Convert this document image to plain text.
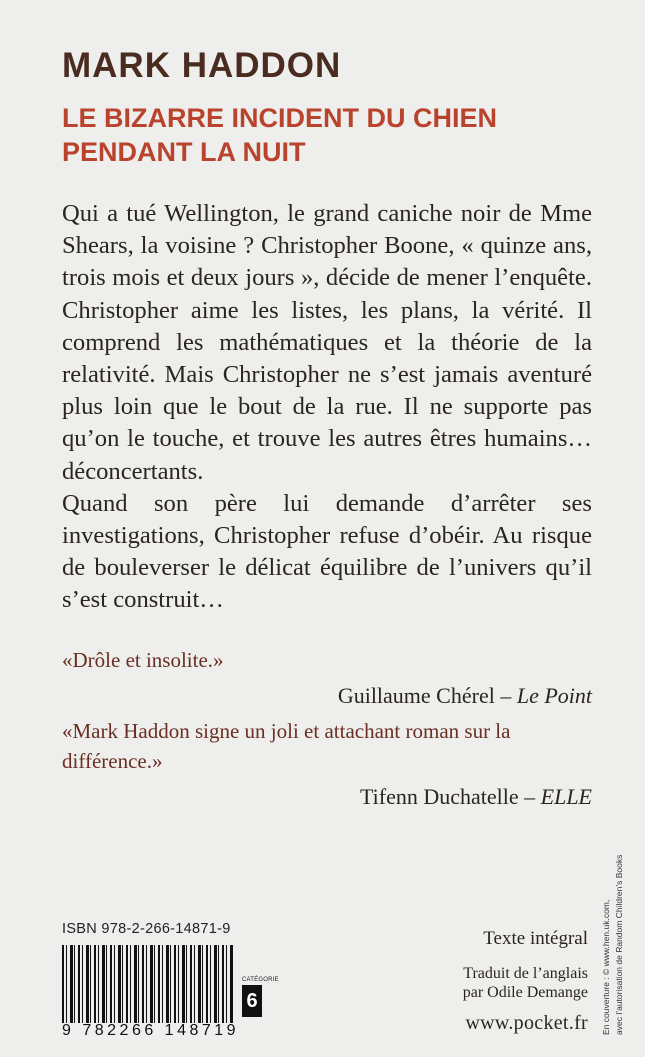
MARK HADDON
LE BIZARRE INCIDENT DU CHIEN
PENDANT LA NUIT

Qui a tué Wellington, le grand caniche noir de Mme Shears, la voisine ? Christopher Boone, « quinze ans, trois mois et deux jours », décide de mener l’enquête. Christopher aime les listes, les plans, la vérité. Il comprend les mathématiques et la théorie de la relativité. Mais Christopher ne s’est jamais aventuré plus loin que le bout de la rue. Il ne supporte pas qu’on le touche, et trouve les autres êtres humains… déconcertants.

Quand son père lui demande d’arrêter ses investigations, Christopher refuse d’obéir. Au risque de bouleverser le délicat équilibre de l’univers qu’il s’est construit…

«Drôle et insolite.»

Guillaume Chérel – Le Point

«Mark Haddon signe un joli et attachant roman sur la différence.»

Tifenn Duchatelle – ELLE
ISBN 978-2-266-14871-9
9 782266 148719
CATÉGORIE
6
Texte intégral
Traduit de l’anglais
par Odile Demange
www.pocket.fr En couverture : © www.hen.uk.com, avec l’autorisation de Random Children’s Books
